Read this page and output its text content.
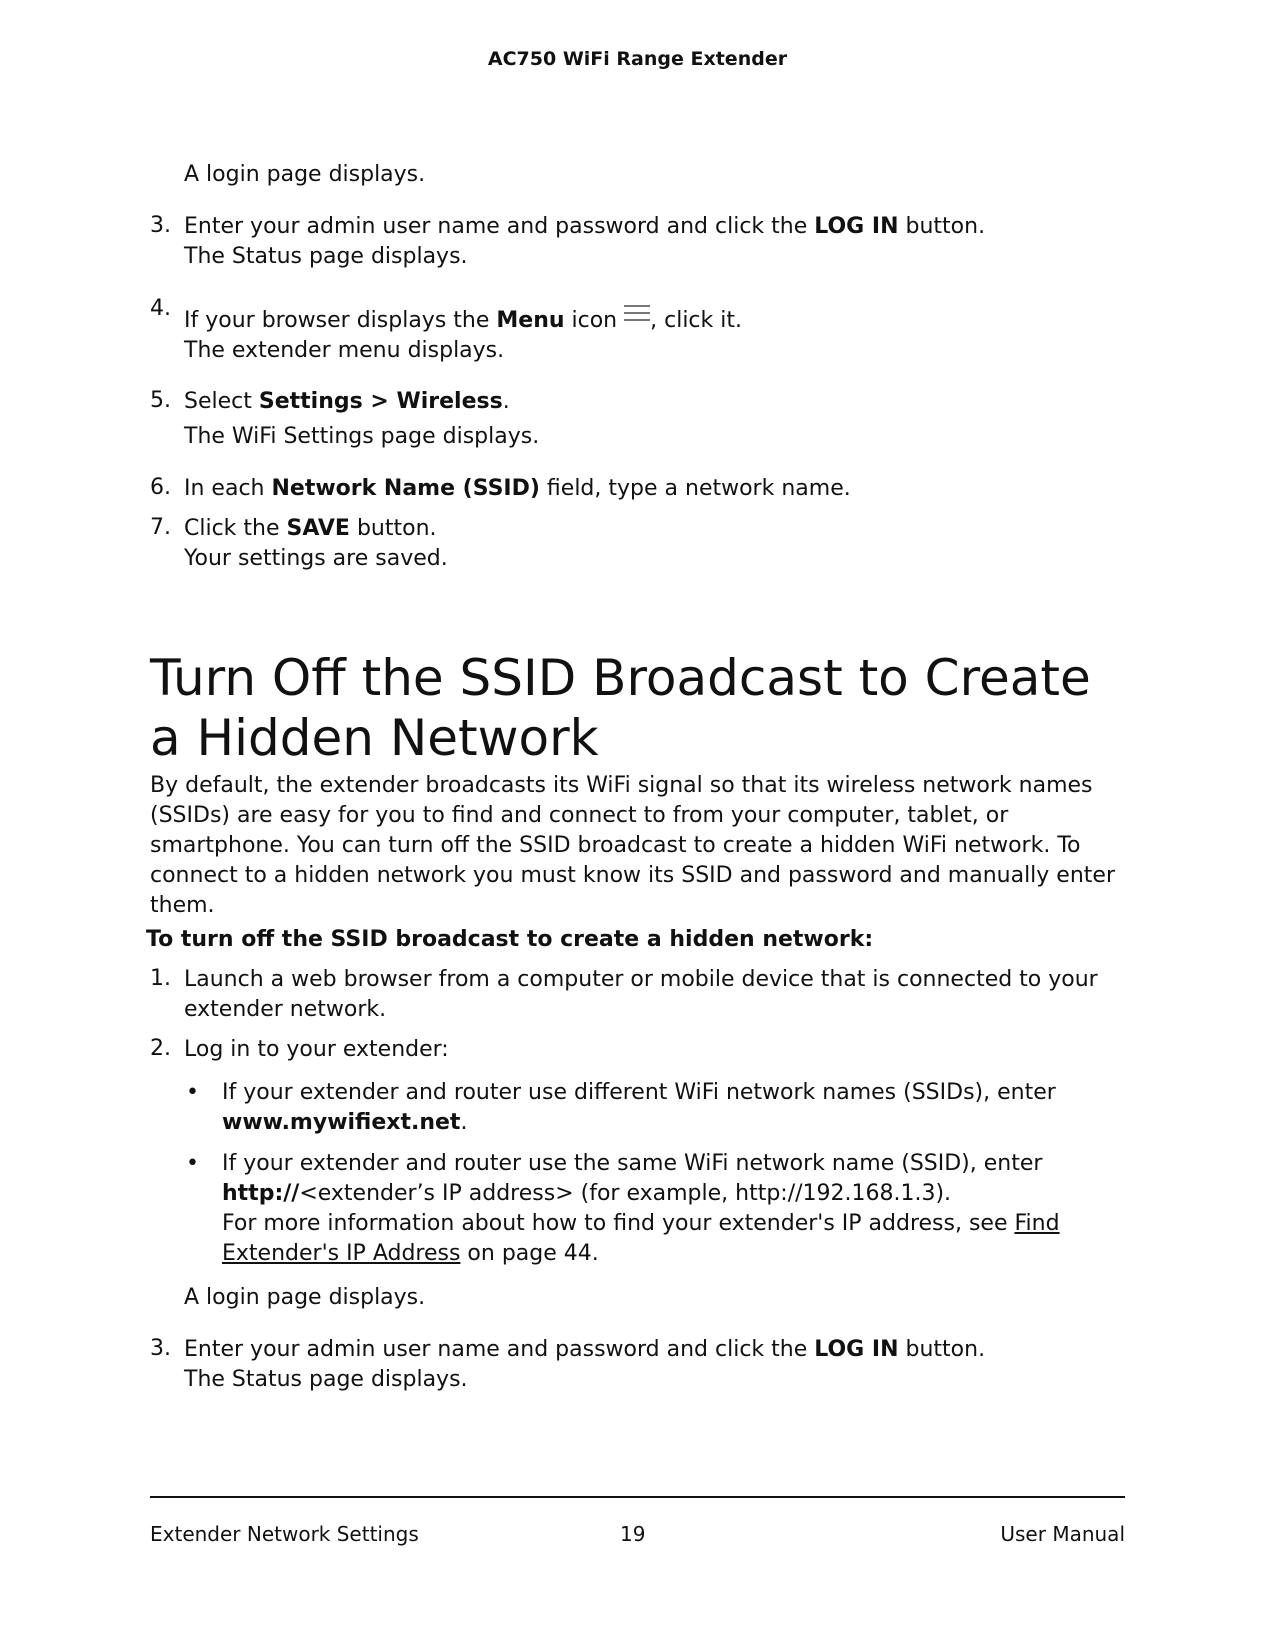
AC750 WiFi Range Extender
A login page displays.
3. Enter your admin user name and password and click the LOG IN button.
The Status page displays.
4. If your browser displays the Menu icon
, click it.
The extender menu displays.
5. Select Settings > Wireless.
The WiFi Settings page displays.
6. In each Network Name (SSID) field, type a network name.
7. Click the SAVE button.
Your settings are saved.
Turn Off the SSID Broadcast to Create a Hidden Network
By default, the extender broadcasts its WiFi signal so that its wireless network names (SSIDs) are easy for you to find and connect to from your computer, tablet, or smartphone. You can turn off the SSID broadcast to create a hidden WiFi network. To connect to a hidden network you must know its SSID and password and manually enter them.
To turn off the SSID broadcast to create a hidden network:
1. Launch a web browser from a computer or mobile device that is connected to your extender network.
2. Log in to your extender:
• If your extender and router use different WiFi network names (SSIDs), enter www.mywifiext.net.
• If your extender and router use the same WiFi network name (SSID), enter http://<extender’s IP address> (for example, http://192.168.1.3).
For more information about how to find your extender's IP address, see Find Extender's IP Address on page 44.
A login page displays.
3. Enter your admin user name and password and click the LOG IN button.
The Status page displays.
Extender Network Settings	19	User Manual
